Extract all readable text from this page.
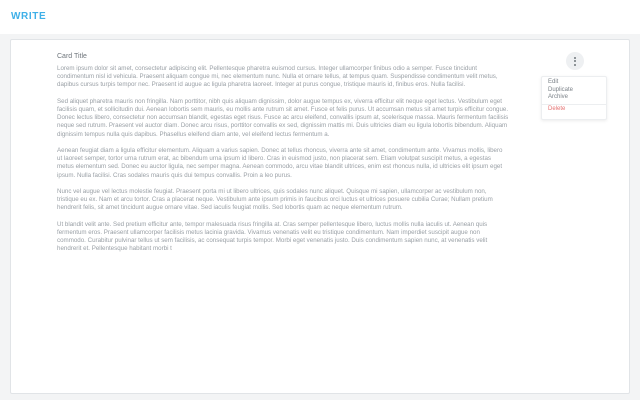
WRITE
Card Title

Lorem ipsum dolor sit amet, consectetur adipiscing elit. Pellentesque pharetra euismod cursus. Integer ullamcorper finibus odio a semper. Fusce tincidunt condimentum nisl id vehicula. Praesent aliquam congue mi, nec elementum nunc. Nulla et ornare tellus, at tempus quam. Suspendisse condimentum velit metus, dapibus cursus turpis tempor nec. Praesent id augue ac ligula pharetra laoreet. Integer at purus congue, tristique mauris id, finibus eros. Nulla facilisi.

Sed aliquet pharetra mauris non fringilla. Nam porttitor, nibh quis aliquam dignissim, dolor augue tempus ex, viverra efficitur elit neque eget lectus. Vestibulum eget facilisis quam, et sollicitudin dui. Aenean lobortis sem mauris, eu mollis ante rutrum sit amet. Fusce et felis purus. Ut accumsan metus sit amet turpis efficitur congue. Donec lectus libero, consectetur non accumsan blandit, egestas eget risus. Fusce ac arcu eleifend, convallis ipsum at, scelerisque massa. Mauris fermentum facilisis neque sed rutrum. Praesent vel auctor diam. Donec arcu risus, porttitor convallis ex sed, dignissim mattis mi. Duis ultricies diam eu ligula lobortis bibendum. Aliquam dignissim tempus nulla quis dapibus. Phasellus eleifend diam ante, vel eleifend lectus fermentum a.

Aenean feugiat diam a ligula efficitur elementum. Aliquam a varius sapien. Donec at tellus rhoncus, viverra ante sit amet, condimentum ante. Vivamus mollis, libero ut laoreet semper, tortor urna rutrum erat, ac bibendum urna ipsum id libero. Cras in euismod justo, non placerat sem. Etiam volutpat suscipit metus, a egestas metus elementum sed. Donec eu auctor ligula, nec semper magna. Aenean commodo, arcu vitae blandit ultrices, enim est rhoncus nulla, id ultricies elit ipsum eget ipsum. Nulla facilisi. Cras sodales mauris quis dui tempus convallis. Proin a leo purus.

Nunc vel augue vel lectus molestie feugiat. Praesent porta mi ut libero ultrices, quis sodales nunc aliquet. Quisque mi sapien, ullamcorper ac vestibulum non, tristique eu ex. Nam et arcu tortor. Cras a placerat neque. Vestibulum ante ipsum primis in faucibus orci luctus et ultrices posuere cubilia Curae; Nullam pretium hendrerit felis, sit amet tincidunt augue ornare vitae. Sed iaculis feugiat mollis. Sed lobortis quam ac neque elementum rutrum.

Ut blandit velit ante. Sed pretium efficitur ante, tempor malesuada risus fringilla at. Cras semper pellentesque libero, luctus mollis nulla iaculis ut. Aenean quis fermentum eros. Praesent ullamcorper facilisis metus lacinia gravida. Vivamus venenatis velit eu tristique condimentum. Nam imperdiet suscipit augue non commodo. Curabitur pulvinar tellus ut sem facilisis, ac consequat turpis tempor. Morbi eget venenatis justo. Duis condimentum sapien nunc, at venenatis velit hendrerit et. Pellentesque habitant morbi t

Edit
Duplicate
Archive
Delete
